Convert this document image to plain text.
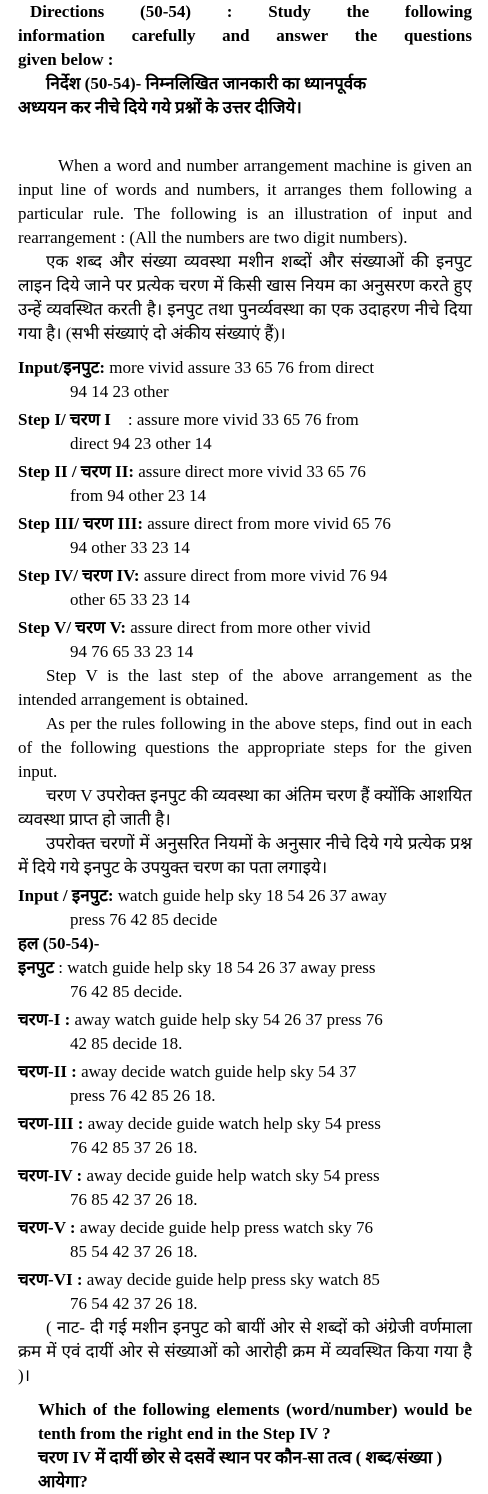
Directions (50-54) : Study the following

information carefully and answer the questions

given below :

निर्देश (50-54)- निम्नलिखित जानकारी का ध्यानपूर्वक

अध्ययन कर नीचे दिये गये प्रश्नों के उत्तर दीजिये।

When a word and number arrangement machine is given an input line of words and numbers, it arranges them following a particular rule. The following is an illustration of input and rearrangement : (All the numbers are two digit numbers).

एक शब्द और संख्या व्यवस्था मशीन शब्दों और संख्याओं की इनपुट लाइन दिये जाने पर प्रत्येक चरण में किसी खास नियम का अनुसरण करते हुए उन्हें व्यवस्थित करती है। इनपुट तथा पुनर्व्यवस्था का एक उदाहरण नीचे दिया गया है। (सभी संख्याएं दो अंकीय संख्याएं हैं)।

Input/इनपुट: more vivid assure 33 65 76 from direct

94 14 23 other

Step I/ चरण I    : assure more vivid 33 65 76 from

direct 94 23 other 14

Step II / चरण II: assure direct more vivid 33 65 76

from 94 other 23 14

Step III/ चरण III: assure direct from more vivid 65 76

94 other 33 23 14

Step IV/ चरण IV: assure direct from more vivid 76 94

other 65 33 23 14

Step V/ चरण V: assure direct from more other vivid

94 76 65 33 23 14

Step V is the last step of the above arrangement as the intended arrangement is obtained.

As per the rules following in the above steps, find out in each of the following questions the appropriate steps for the given input.

चरण V उपरोक्त इनपुट की व्यवस्था का अंतिम चरण हैं क्योंकि आशयित व्यवस्था प्राप्त हो जाती है।

उपरोक्त चरणों में अनुसरित नियमों के अनुसार नीचे दिये गये प्रत्येक प्रश्न में दिये गये इनपुट के उपयुक्त चरण का पता लगाइये।

Input / इनपुट: watch guide help sky 18 54 26 37 away

press 76 42 85 decide

हल (50-54)-

इनपुट : watch guide help sky 18 54 26 37 away press

76 42 85 decide.

चरण-I : away watch guide help sky 54 26 37 press 76

42 85 decide 18.

चरण-II : away decide watch guide help sky 54 37

press 76 42 85 26 18.

चरण-III : away decide guide watch help sky 54 press

76 42 85 37 26 18.

चरण-IV : away decide guide help watch sky 54 press

76 85 42 37 26 18.

चरण-V : away decide guide help press watch sky 76

85 54 42 37 26 18.

चरण-VI : away decide guide help press sky watch 85

76 54 42 37 26 18.

( नाट- दी गई मशीन इनपुट को बायीं ओर से शब्दों को अंग्रेजी वर्णमाला क्रम में एवं दायीं ओर से संख्याओं को आरोही क्रम में व्यवस्थित किया गया है )।

Which of the following elements (word/number) would be tenth from the right end in the Step IV ?

चरण IV में दायीं छोर से दसवें स्थान पर कौन-सा तत्व ( शब्द/संख्या ) आयेगा?
